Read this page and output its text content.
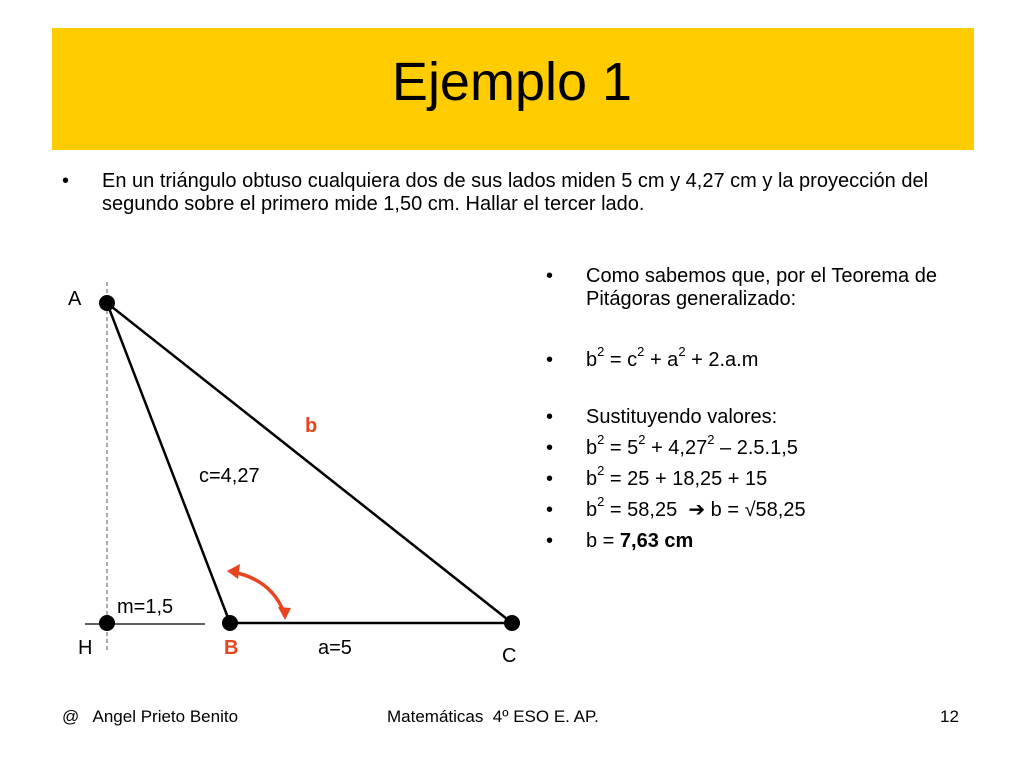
Ejemplo 1
• En un triángulo obtuso cualquiera dos de sus lados miden 5 cm y 4,27 cm y la proyección del segundo sobre el primero mide 1,50 cm. Hallar el tercer lado.
A
H	B	C
b
c=4,27
m=1,5
a=5
• Como sabemos que, por el Teorema de Pitágoras generalizado:
• $b^2 = c^2 + a^2 + 2.a.m$
• Sustituyendo valores:
• $b^2 = 5^2 + 4,27^2 - 2.5.1,5$
• $b^2 = 25 + 18,25 + 15$
• $b^2 = 58,25$  ➔ b = √58,25
• b = 7,63 cm
@   Angel Prieto Benito	Matemáticas  4º ESO E. AP.	12
